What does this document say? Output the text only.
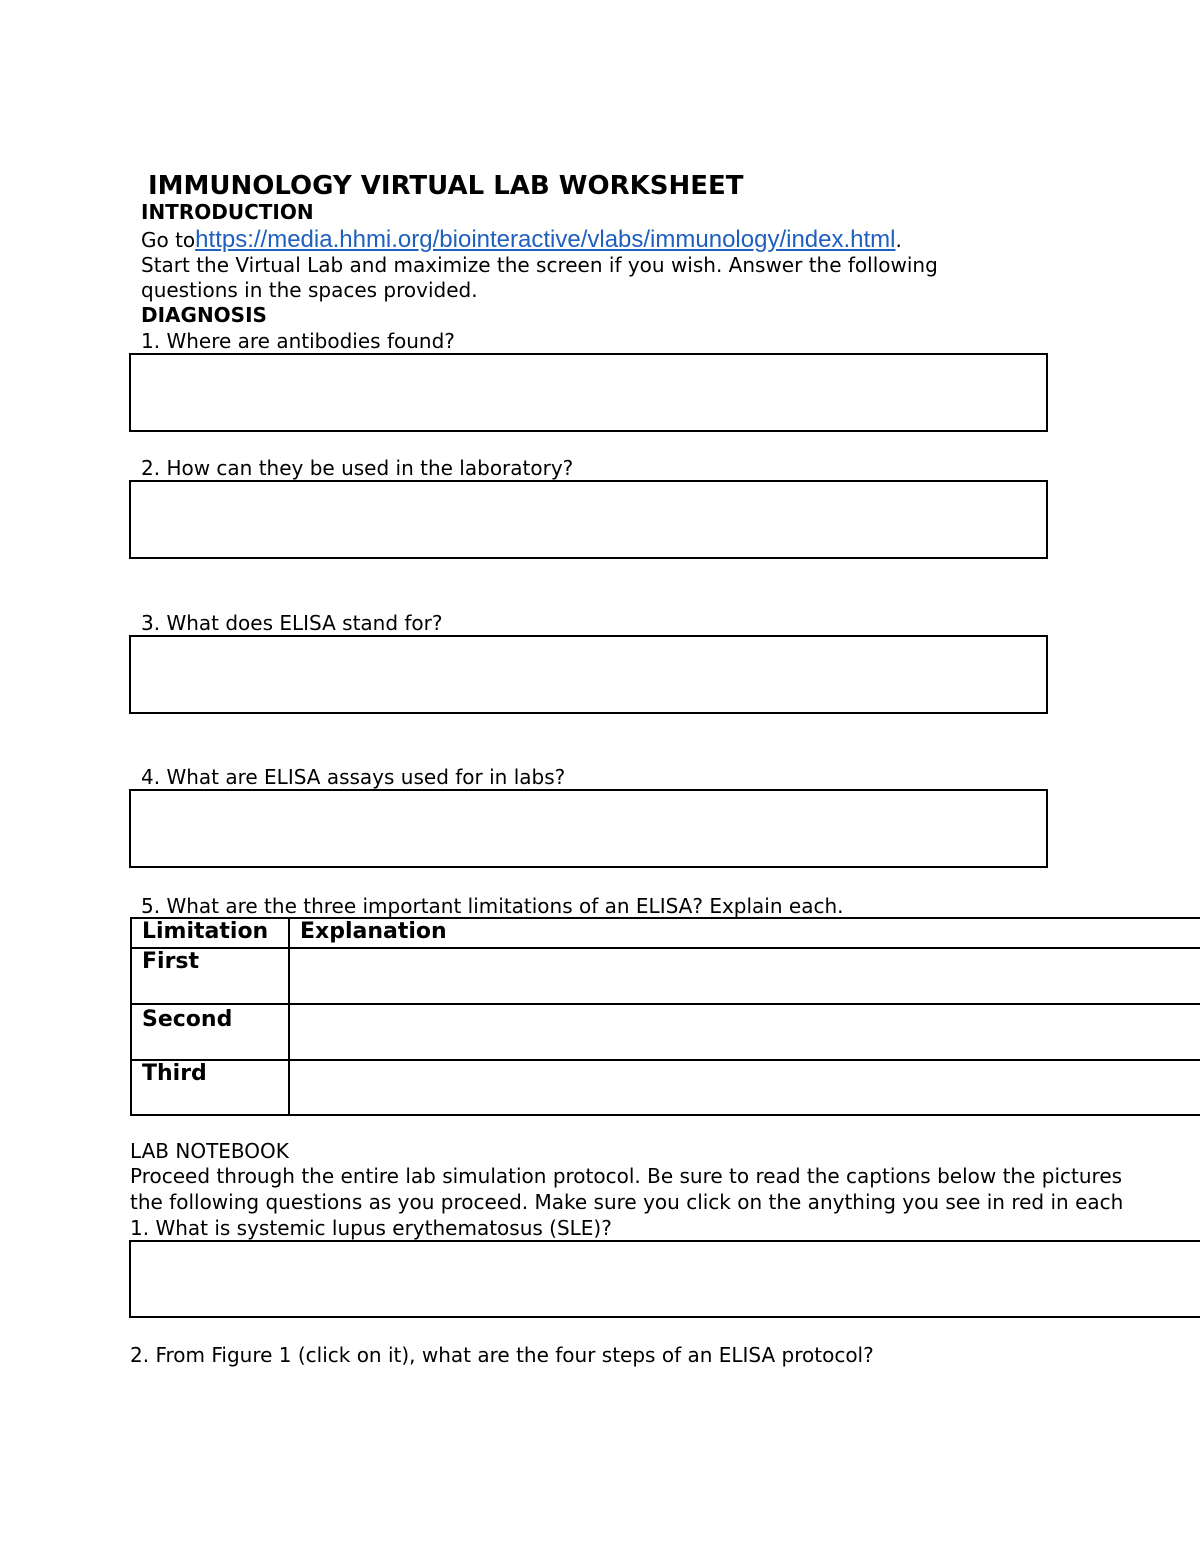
IMMUNOLOGY VIRTUAL LAB WORKSHEET
INTRODUCTION
Go tohttps://media.hhmi.org/biointeractive/vlabs/immunology/index.html.
Start the Virtual Lab and maximize the screen if you wish. Answer the following
questions in the spaces provided.
DIAGNOSIS
1. Where are antibodies found?
2. How can they be used in the laboratory?
3. What does ELISA stand for?
4. What are ELISA assays used for in labs?
5. What are the three important limitations of an ELISA? Explain each.
Limitation	Explanation
First	
Second	
Third	
LAB NOTEBOOK
Proceed through the entire lab simulation protocol. Be sure to read the captions below the pictures
the following questions as you proceed. Make sure you click on the anything you see in red in each
1. What is systemic lupus erythematosus (SLE)?
2. From Figure 1 (click on it), what are the four steps of an ELISA protocol?
